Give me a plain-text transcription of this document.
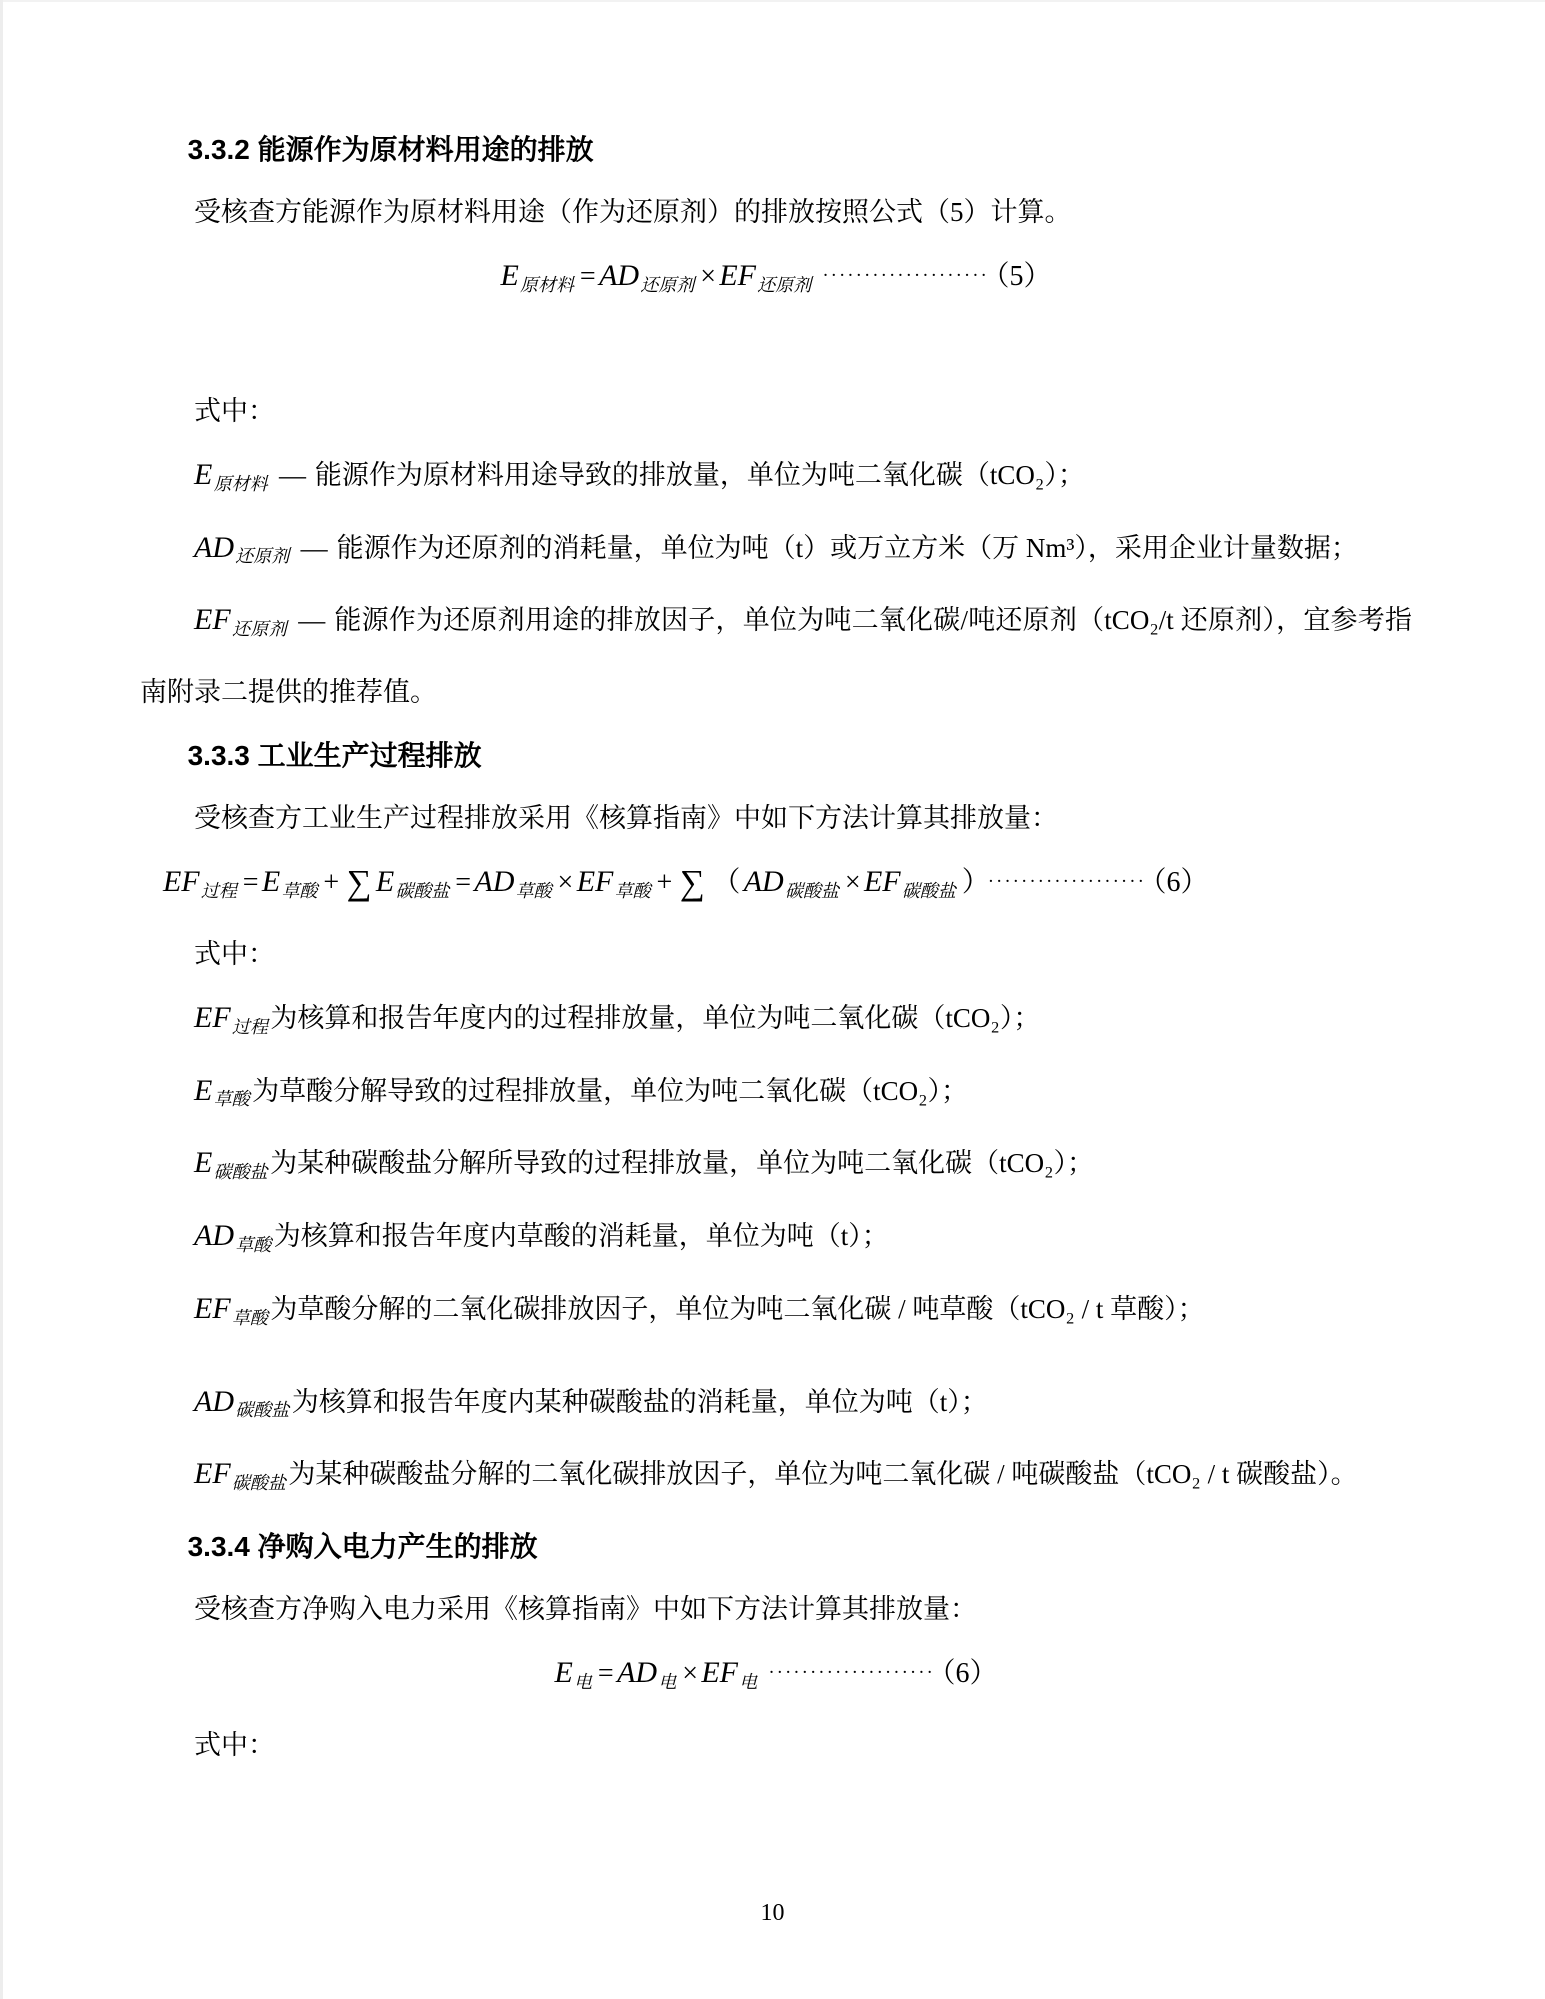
3.3.2 能源作为原材料用途的排放

受核查方能源作为原材料用途（作为还原剂）的排放按照公式（5）计算。

$E_{原材料} = AD_{还原剂} \times EF_{还原剂}$ ···················· （5）

式中：

$E_{原材料}$ — 能源作为原材料用途导致的排放量，单位为吨二氧化碳（tCO₂）；

$AD_{还原剂}$ — 能源作为还原剂的消耗量，单位为吨（t）或万立方米（万 Nm³），采用企业计量数据；

$EF_{还原剂}$ — 能源作为还原剂用途的排放因子，单位为吨二氧化碳/吨还原剂（tCO₂/t 还原剂），宜参考指南附录二提供的推荐值。

3.3.3 工业生产过程排放

受核查方工业生产过程排放采用《核算指南》中如下方法计算其排放量：

$EF_{过程} = E_{草酸}$ + ∑ $E_{碳酸盐} = AD_{草酸} \times EF_{草酸}$ + ∑ （ $AD_{碳酸盐} \times EF_{碳酸盐}$ ） ··················· （6）

式中：

$EF_{过程}$为核算和报告年度内的过程排放量，单位为吨二氧化碳（tCO₂）；

$E_{草酸}$为草酸分解导致的过程排放量，单位为吨二氧化碳（tCO₂）；

$E_{碳酸盐}$为某种碳酸盐分解所导致的过程排放量，单位为吨二氧化碳（tCO₂）；

$AD_{草酸}$为核算和报告年度内草酸的消耗量，单位为吨（t）；

$EF_{草酸}$为草酸分解的二氧化碳排放因子，单位为吨二氧化碳 / 吨草酸（tCO₂ / t 草酸）；

$AD_{碳酸盐}$为核算和报告年度内某种碳酸盐的消耗量，单位为吨（t）；

$EF_{碳酸盐}$为某种碳酸盐分解的二氧化碳排放因子，单位为吨二氧化碳 / 吨碳酸盐（tCO₂ / t 碳酸盐）。

3.3.4 净购入电力产生的排放

受核查方净购入电力采用《核算指南》中如下方法计算其排放量：

$E_电 = AD_电 \times EF_电$ ···················· （6）

式中：

10
